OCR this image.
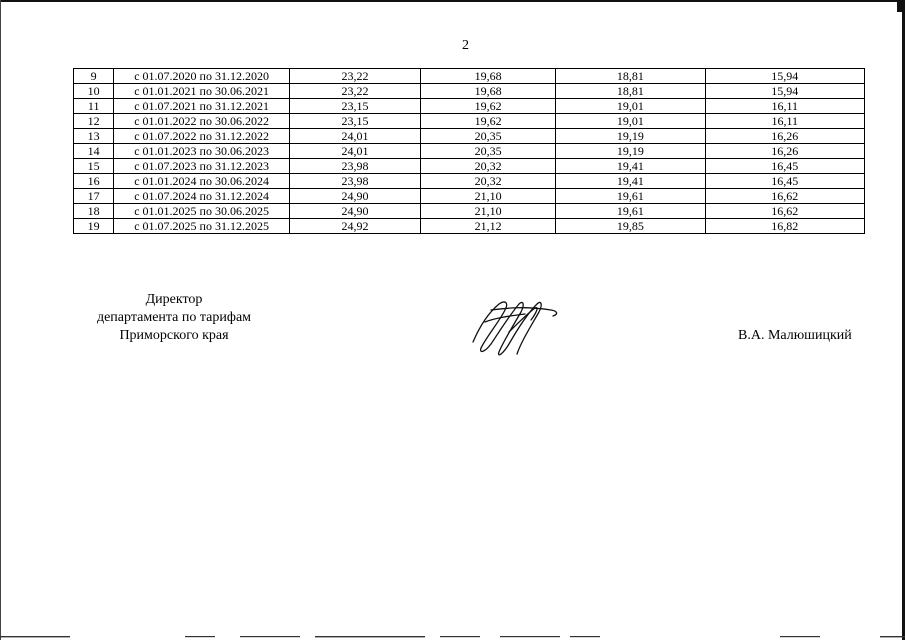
2
9	с 01.07.2020 по 31.12.2020	23,22	19,68	18,81	15,94
10	с 01.01.2021 по 30.06.2021	23,22	19,68	18,81	15,94
11	с 01.07.2021 по 31.12.2021	23,15	19,62	19,01	16,11
12	с 01.01.2022 по 30.06.2022	23,15	19,62	19,01	16,11
13	с 01.07.2022 по 31.12.2022	24,01	20,35	19,19	16,26
14	с 01.01.2023 по 30.06.2023	24,01	20,35	19,19	16,26
15	с 01.07.2023 по 31.12.2023	23,98	20,32	19,41	16,45
16	с 01.01.2024 по 30.06.2024	23,98	20,32	19,41	16,45
17	с 01.07.2024 по 31.12.2024	24,90	21,10	19,61	16,62
18	с 01.01.2025 по 30.06.2025	24,90	21,10	19,61	16,62
19	с 01.07.2025 по 31.12.2025	24,92	21,12	19,85	16,82
Директор
департамента по тарифам
Приморского края	В.А. Малюшицкий
